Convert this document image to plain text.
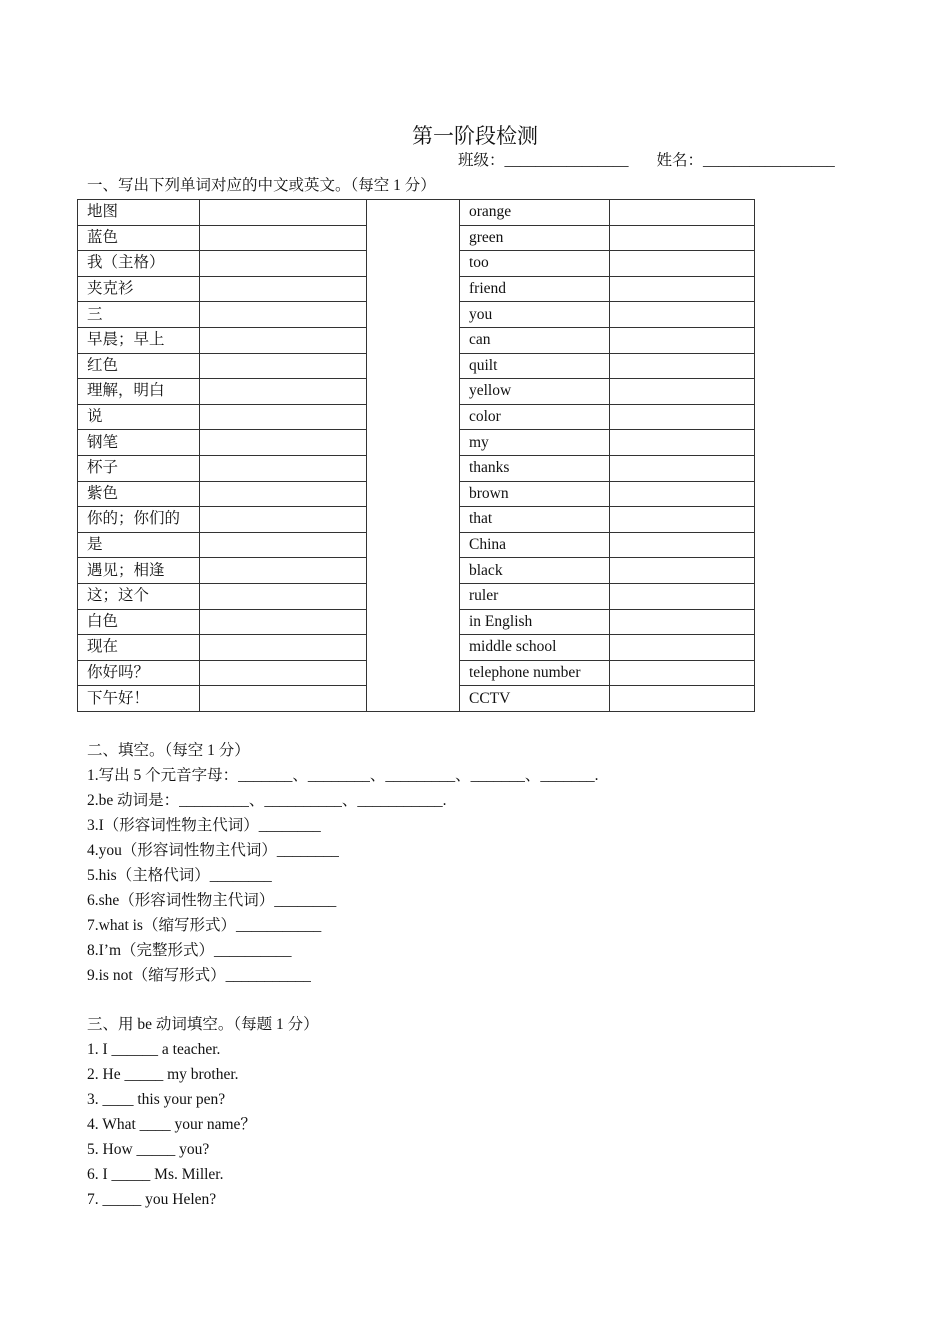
第一阶段检测
班级：________________ 姓名：_________________
一、写出下列单词对应的中文或英文。（每空 1 分）
地图			orange	
蓝色			green	
我（主格）			too	
夹克衫			friend	
三			you	
早晨；早上			can	
红色			quilt	
理解，明白			yellow	
说			color	
钢笔			my	
杯子			thanks	
紫色			brown	
你的；你们的			that	
是			China	
遇见；相逢			black	
这；这个			ruler	
白色			in English	
现在			middle school	
你好吗？			telephone number	
下午好！			CCTV	
二、填空。（每空 1 分）
1.写出 5 个元音字母：_______、________、_________、_______、_______.
2.be 动词是：_________、__________、___________.
3.I（形容词性物主代词）________
4.you（形容词性物主代词）________
5.his（主格代词）________
6.she（形容词性物主代词）________
7.what is（缩写形式）___________
8.I’m（完整形式）__________
9.is not（缩写形式）___________
三、用 be 动词填空。（每题 1 分）
1. I ______ a teacher.
2. He _____ my brother.
3. ____ this your pen?
4. What ____ your name？
5. How _____ you?
6. I _____ Ms. Miller.
7. _____ you Helen?
